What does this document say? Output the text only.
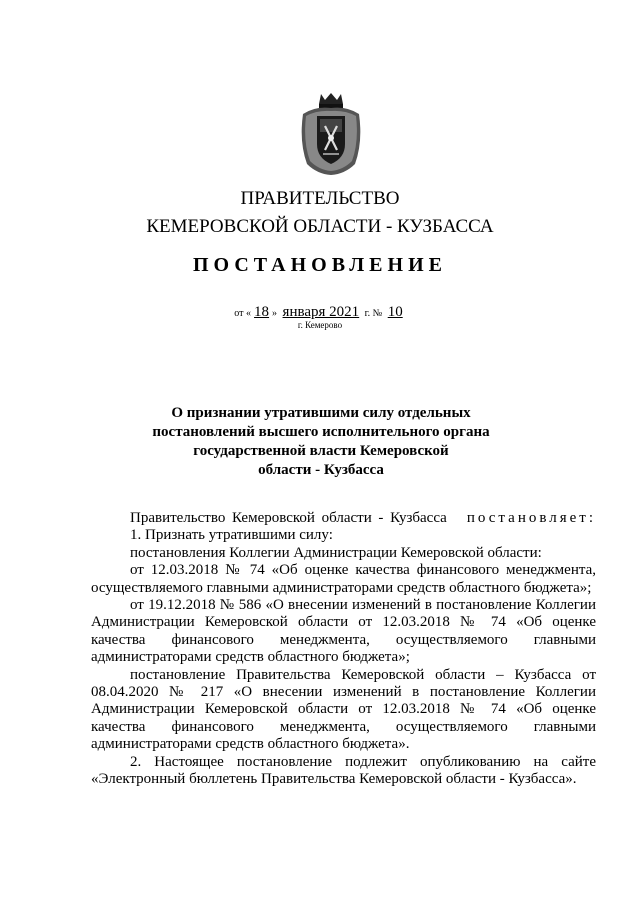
ПРАВИТЕЛЬСТВО
КЕМЕРОВСКОЙ ОБЛАСТИ - КУЗБАССА
ПОСТАНОВЛЕНИЕ
от « 18 » января 2021 г. № 10
г. Кемерово
О признании утратившими силу отдельных
постановлений высшего исполнительного органа
государственной власти Кемеровской
области - Кузбасса
Правительство Кемеровской области - Кузбасса постановляет:
1. Признать утратившими силу:
постановления Коллегии Администрации Кемеровской области:
от 12.03.2018 № 74 «Об оценке качества финансового менеджмента, осуществляемого главными администраторами средств областного бюджета»;
от 19.12.2018 № 586 «О внесении изменений в постановление Коллегии Администрации Кемеровской области от 12.03.2018 № 74 «Об оценке качества финансового менеджмента, осуществляемого главными администраторами средств областного бюджета»;
постановление Правительства Кемеровской области – Кузбасса от 08.04.2020 № 217 «О внесении изменений в постановление Коллегии Администрации Кемеровской области от 12.03.2018 № 74 «Об оценке качества финансового менеджмента, осуществляемого главными администраторами средств областного бюджета».
2. Настоящее постановление подлежит опубликованию на сайте «Электронный бюллетень Правительства Кемеровской области - Кузбасса».
